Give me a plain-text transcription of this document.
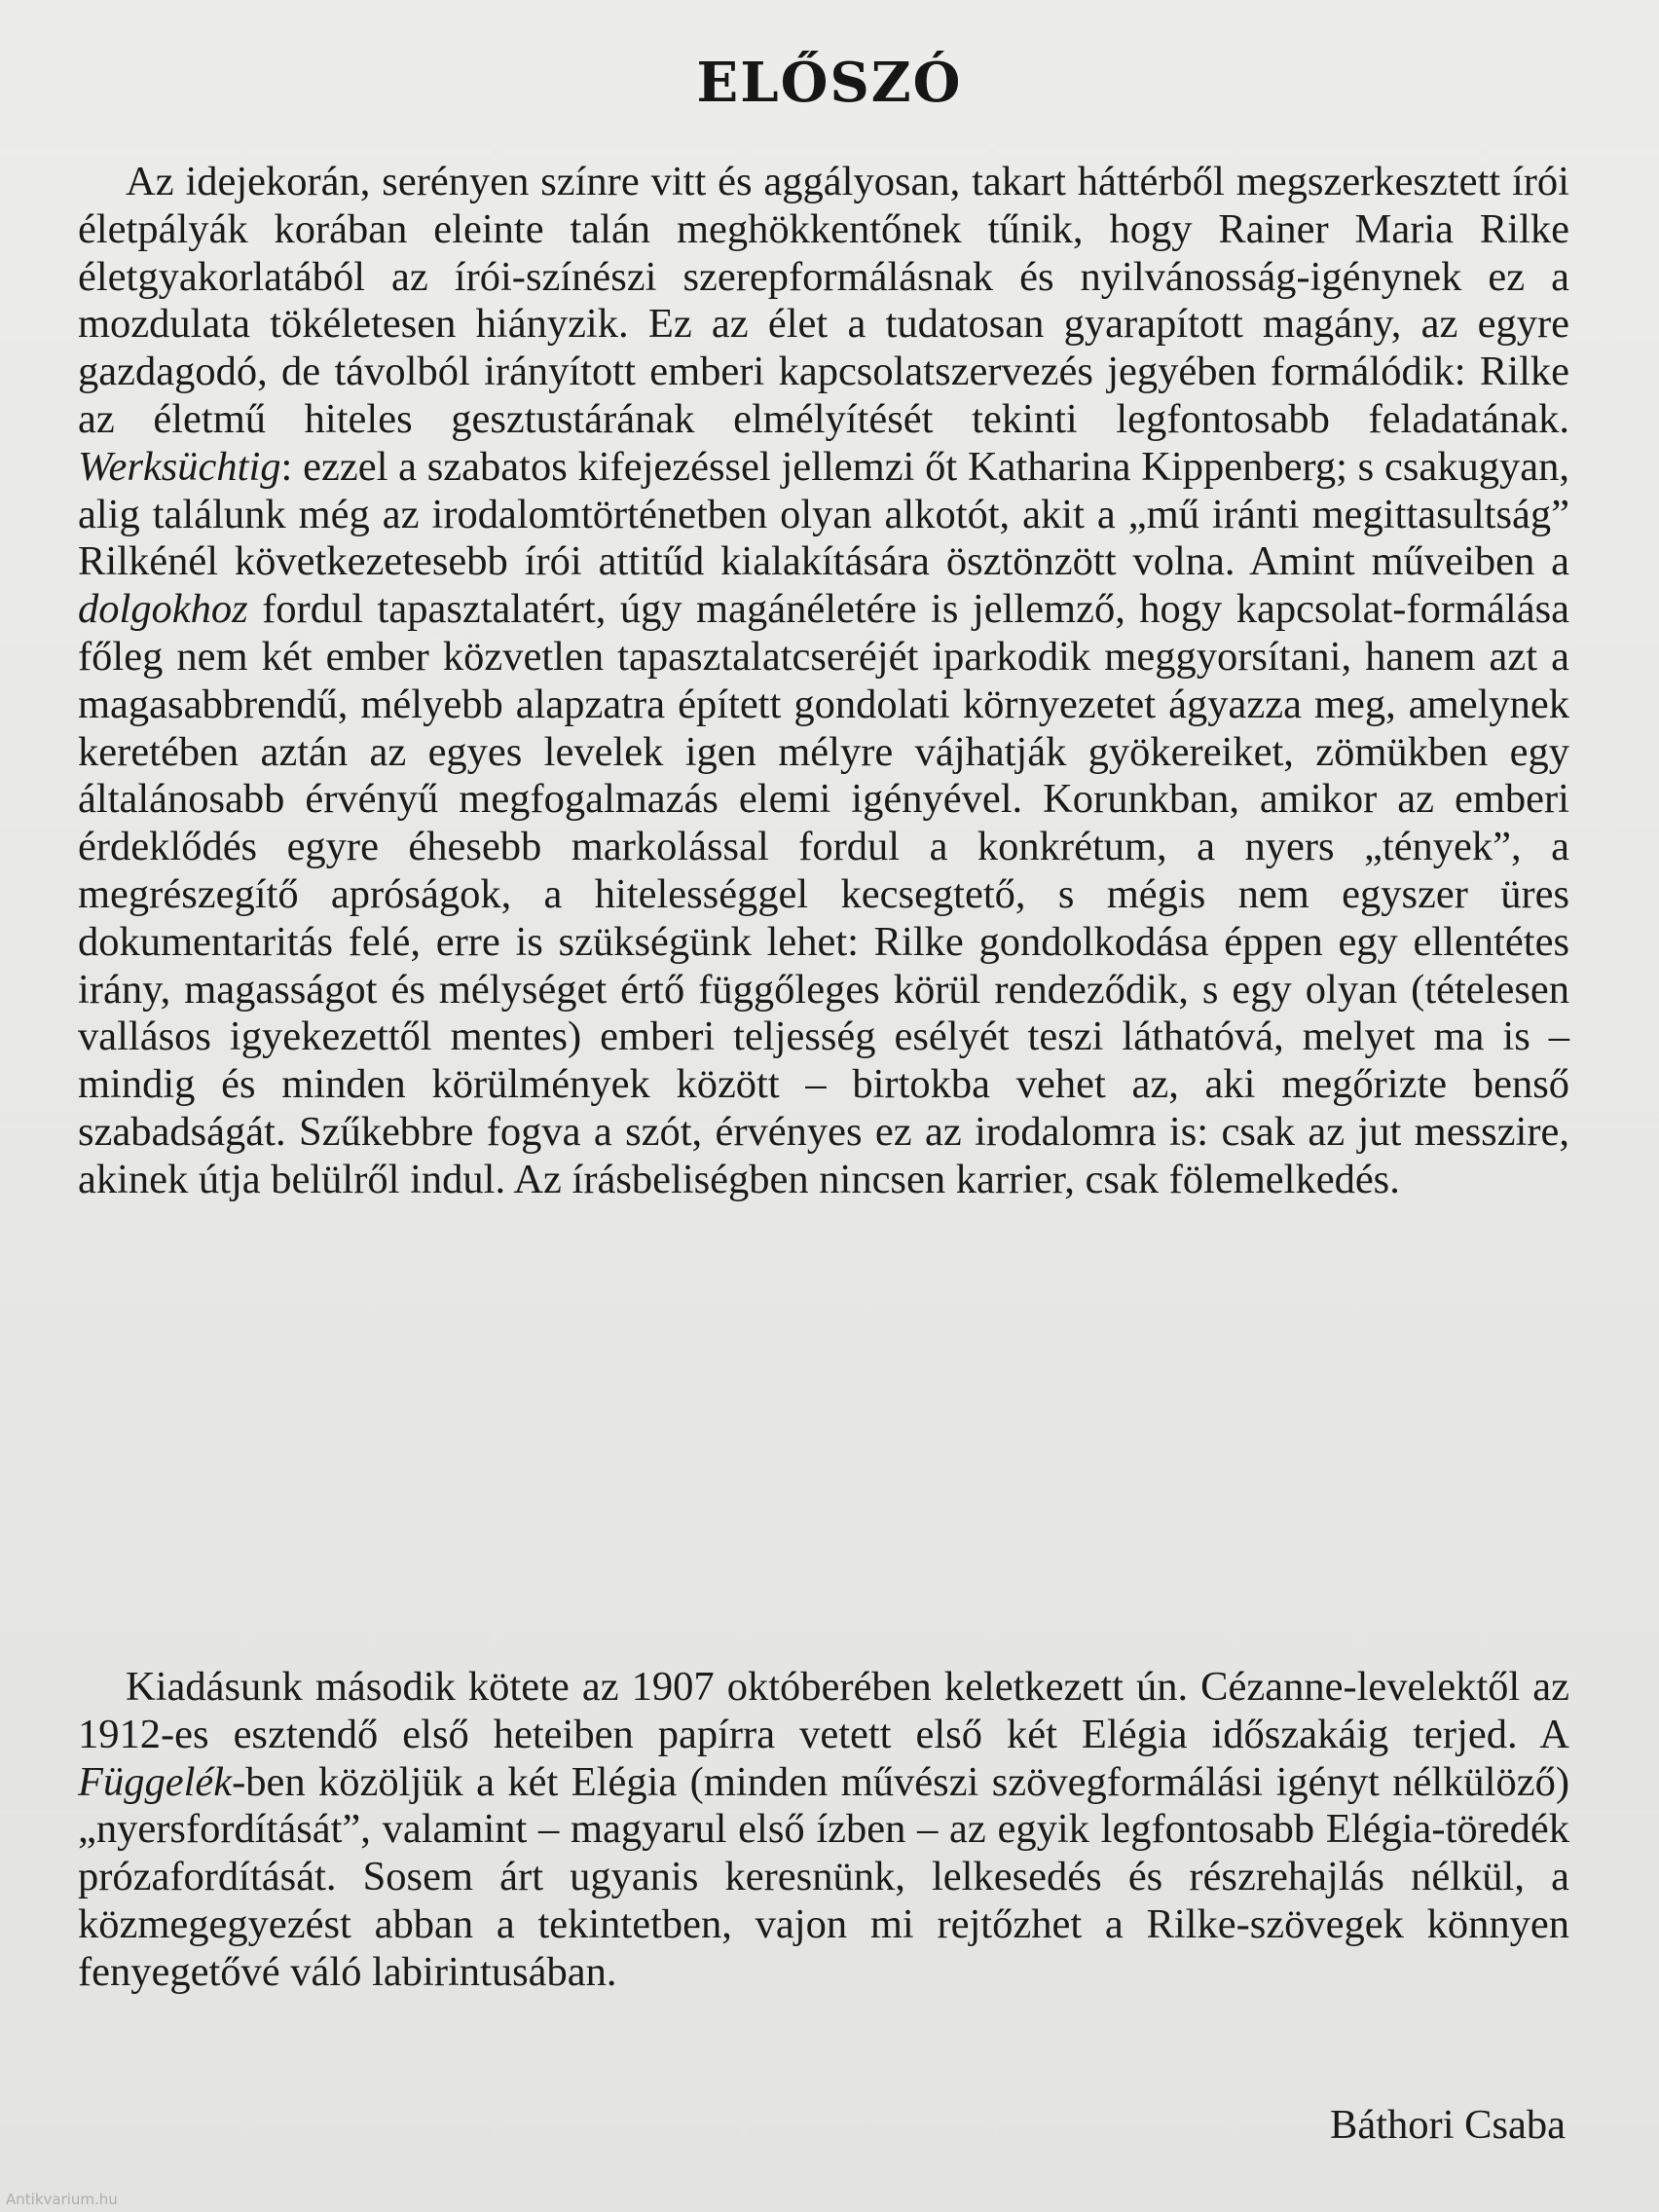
ELŐSZÓ

Az idejekorán, serényen színre vitt és aggályosan, takart háttérből megszerkesztett írói életpályák korában eleinte talán meghökkentőnek tűnik, hogy Rainer Maria Rilke életgyakorlatából az írói-színészi szerepformálásnak és nyilvánosság-igénynek ez a mozdulata tökéletesen hiányzik. Ez az élet a tudatosan gyarapított magány, az egyre gazdagodó, de távolból irányított emberi kapcsolatszervezés jegyében formálódik: Rilke az életmű hiteles gesztustárának elmélyítését tekinti legfontosabb feladatának. Werksüchtig: ezzel a szabatos kifejezéssel jellemzi őt Katharina Kippenberg; s csakugyan, alig találunk még az irodalomtörténetben olyan alkotót, akit a „mű iránti megittasultság” Rilkénél következetesebb írói attitűd kialakítására ösztönzött volna. Amint műveiben a dolgokhoz fordul tapasztalatért, úgy magánéletére is jellemző, hogy kapcsolat-formálása főleg nem két ember közvetlen tapasztalatcseréjét iparkodik meggyorsítani, hanem azt a magasabbrendű, mélyebb alapzatra épített gondolati környezetet ágyazza meg, amelynek keretében aztán az egyes levelek igen mélyre vájhatják gyökereiket, zömükben egy általánosabb érvényű megfogalmazás elemi igényével. Korunkban, amikor az emberi érdeklődés egyre éhesebb markolással fordul a konkrétum, a nyers „tények”, a megrészegítő apróságok, a hitelességgel kecsegtető, s mégis nem egyszer üres dokumentaritás felé, erre is szükségünk lehet: Rilke gondolkodása éppen egy ellentétes irány, magasságot és mélységet értő függőleges körül rendeződik, s egy olyan (tételesen vallásos igyekezettől mentes) emberi teljesség esélyét teszi láthatóvá, melyet ma is – mindig és minden körülmények között – birtokba vehet az, aki megőrizte benső szabadságát. Szűkebbre fogva a szót, érvényes ez az irodalomra is: csak az jut messzire, akinek útja belülről indul. Az írásbeliségben nincsen karrier, csak fölemelkedés.

Kiadásunk második kötete az 1907 októberében keletkezett ún. Cézanne-levelektől az 1912-es esztendő első heteiben papírra vetett első két Elégia időszakáig terjed. A Függelék-ben közöljük a két Elégia (minden művészi szövegformálási igényt nélkülöző) „nyersfordítását”, valamint – magyarul első ízben – az egyik legfontosabb Elégia-töredék prózafordítását. Sosem árt ugyanis keresnünk, lelkesedés és részrehajlás nélkül, a közmegegyezést abban a tekintetben, vajon mi rejtőzhet a Rilke-szövegek könnyen fenyegetővé váló labirintusában.

Báthori Csaba

Antikvarium.hu
